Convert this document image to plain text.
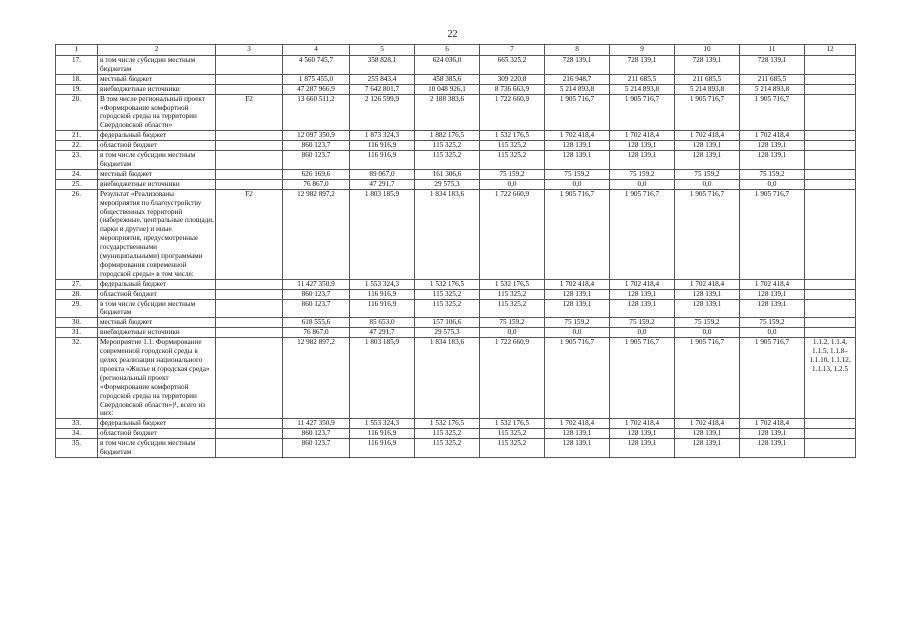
22
1	2	3	4	5	6	7	8	9	10	11	12
17.	в том числе субсидии местным бюджетам		4 560 745,7	358 828,1	624 036,0	665 325,2	728 139,1	728 139,1	728 139,1	728 139,1	
18.	местный бюджет		1 875 455,0	255 843,4	458 385,6	309 220,8	216 948,7	211 685,5	211 685,5	211 685,5	
19.	внебюджетные источники		47 287 966,9	7 642 801,7	10 048 926,1	8 736 663,9	5 214 893,8	5 214 893,8	5 214 893,8	5 214 893,8	
20.	В том числе региональный проект «Формирование комфортной городской среды на территории Свердловской области»	F2	13 660 511,2	2 126 599,9	2 188 383,6	1 722 660,9	1 905 716,7	1 905 716,7	1 905 716,7	1 905 716,7	
21.	федеральный бюджет		12 097 350,9	1 873 324,3	1 882 176,5	1 532 176,5	1 702 418,4	1 702 418,4	1 702 418,4	1 702 418,4	
22.	областной бюджет		860 123,7	116 916,9	115 325,2	115 325,2	128 139,1	128 139,1	128 139,1	128 139,1	
23.	в том числе субсидии местным бюджетам		860 123,7	116 916,9	115 325,2	115 325,2	128 139,1	128 139,1	128 139,1	128 139,1	
24.	местный бюджет		626 169,6	89 067,0	161 306,6	75 159,2	75 159,2	75 159,2	75 159,2	75 159,2	
25.	внебюджетные источники		76 867,0	47 291,7	29 575,3	0,0	0,0	0,0	0,0	0,0	
26.	Результат «Реализованы мероприятия по благоустройству общественных территорий (набережные, центральные площади, парки и другие) и иные мероприятия, предусмотренные государственными (муниципальными) программами формирования современной городской среды» в том числе:	F2	12 982 897,2	1 803 185,9	1 834 183,6	1 722 660,9	1 905 716,7	1 905 716,7	1 905 716,7	1 905 716,7	
27.	федеральный бюджет		11 427 350,9	1 553 324,3	1 532 176,5	1 532 176,5	1 702 418,4	1 702 418,4	1 702 418,4	1 702 418,4	
28.	областной бюджет		860 123,7	116 916,9	115 325,2	115 325,2	128 139,1	128 139,1	128 139,1	128 139,1	
29.	в том числе субсидии местным бюджетам		860 123,7	116 916,9	115 325,2	115 325,2	128 139,1	128 139,1	128 139,1	128 139,1	
30.	местный бюджет		618 555,6	85 653,0	157 106,6	75 159,2	75 159,2	75 159,2	75 159,2	75 159,2	
31.	внебюджетные источники		76 867,0	47 291,7	29 575,3	0,0	0,0	0,0	0,0	0,0	
32.	Мероприятие 1.1. Формирование современной городской среды в целях реализации национального проекта «Жилье и городская среда» (региональный проект «Формирование комфортной городской среды на территории Свердловской области»)¹, всего из них:		12 982 897,2	1 803 185,9	1 834 183,6	1 722 660,9	1 905 716,7	1 905 716,7	1 905 716,7	1 905 716,7	1.1.2, 1.1.4, 1.1.5, 1.1.8–1.1.10, 1.1.12, 1.1.13, 1.2.5
33.	федеральный бюджет		11 427 350,9	1 553 324,3	1 532 176,5	1 532 176,5	1 702 418,4	1 702 418,4	1 702 418,4	1 702 418,4	
34.	областной бюджет		860 123,7	116 916,9	115 325,2	115 325,2	128 139,1	128 139,1	128 139,1	128 139,1	
35.	в том числе субсидии местным бюджетам		860 123,7	116 916,9	115 325,2	115 325,2	128 139,1	128 139,1	128 139,1	128 139,1	
